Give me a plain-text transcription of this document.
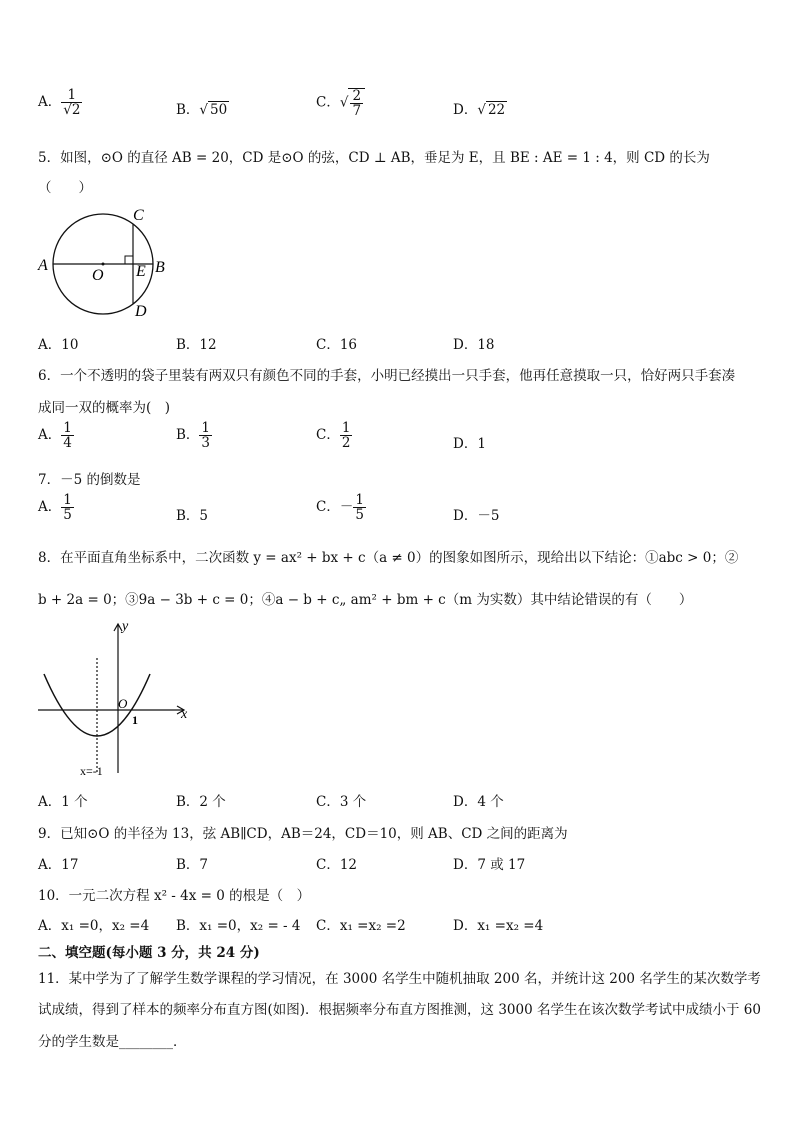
A． $\frac{1}{√2}$	B．√ 50	C．√ $\frac{2}{7}$	D．√ 22
5．如图，⊙O 的直径 AB = 20，CD 是⊙O 的弦，CD ⊥ AB，垂足为 E，且 BE : AE = 1 : 4，则 CD 的长为
（　　）
A	B
C
D
E
O
A．10	B．12	C．16	D．18
6．一个不透明的袋子里装有两双只有颜色不同的手套，小明已经摸出一只手套，他再任意摸取一只，恰好两只手套凑
成同一双的概率为(　)
A． $\frac{1}{4}$	B． $\frac{1}{3}$	C． $\frac{1}{2}$	D．1
7．－5 的倒数是
A． $\frac{1}{5}$	B．5
C．－ $\frac{1}{5}$	D．－5
8．在平面直角坐标系中，二次函数 y = ax² + bx + c（a ≠ 0）的图象如图所示，现给出以下结论：①abc > 0；②
b + 2a = 0；③9a − 3b + c = 0；④a − b + c„ am² + bm + c（m 为实数）其中结论错误的有（　　）
y
x
O
1
x=-1
A．1 个	B．2 个	C．3 个	D．4 个
9．已知⊙O 的半径为 13，弦 AB∥CD，AB＝24，CD＝10，则 AB、CD 之间的距离为
A．17	B．7	C．12	D．7 或 17
10．一元二次方程 x² - 4x = 0 的根是（　）
A．x₁ =0，x₂ =4 B．x₁ =0，x₂ = - 4 C．x₁ =x₂ =2	D．x₁ =x₂ =4
二、填空题(每小题 3 分，共 24 分)
11．某中学为了了解学生数学课程的学习情况，在 3000 名学生中随机抽取 200 名，并统计这 200 名学生的某次数学考
试成绩，得到了样本的频率分布直方图(如图)．根据频率分布直方图推测，这 3000 名学生在该次数学考试中成绩小于 60
分的学生数是________．
